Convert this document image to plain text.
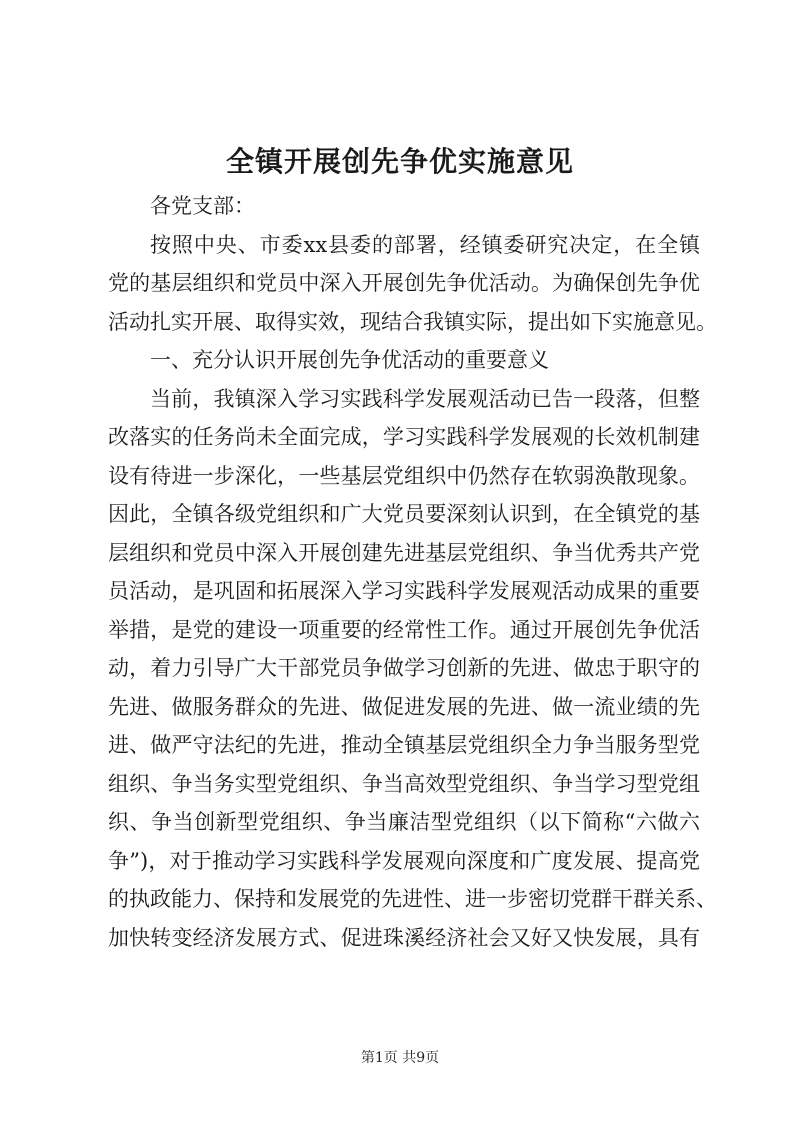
全镇开展创先争优实施意见
各党支部：
按照中央、市委xx县委的部署，经镇委研究决定，在全镇
党的基层组织和党员中深入开展创先争优活动。为确保创先争优
活动扎实开展、取得实效，现结合我镇实际，提出如下实施意见。
一、充分认识开展创先争优活动的重要意义
当前，我镇深入学习实践科学发展观活动已告一段落，但整
改落实的任务尚未全面完成，学习实践科学发展观的长效机制建
设有待进一步深化，一些基层党组织中仍然存在软弱涣散现象。
因此，全镇各级党组织和广大党员要深刻认识到，在全镇党的基
层组织和党员中深入开展创建先进基层党组织、争当优秀共产党
员活动，是巩固和拓展深入学习实践科学发展观活动成果的重要
举措，是党的建设一项重要的经常性工作。通过开展创先争优活
动，着力引导广大干部党员争做学习创新的先进、做忠于职守的
先进、做服务群众的先进、做促进发展的先进、做一流业绩的先
进、做严守法纪的先进，推动全镇基层党组织全力争当服务型党
组织、争当务实型党组织、争当高效型党组织、争当学习型党组
织、争当创新型党组织、争当廉洁型党组织（以下简称“六做六
争”)，对于推动学习实践科学发展观向深度和广度发展、提高党
的执政能力、保持和发展党的先进性、进一步密切党群干群关系、
加快转变经济发展方式、促进珠溪经济社会又好又快发展，具有
第1页 共9页
